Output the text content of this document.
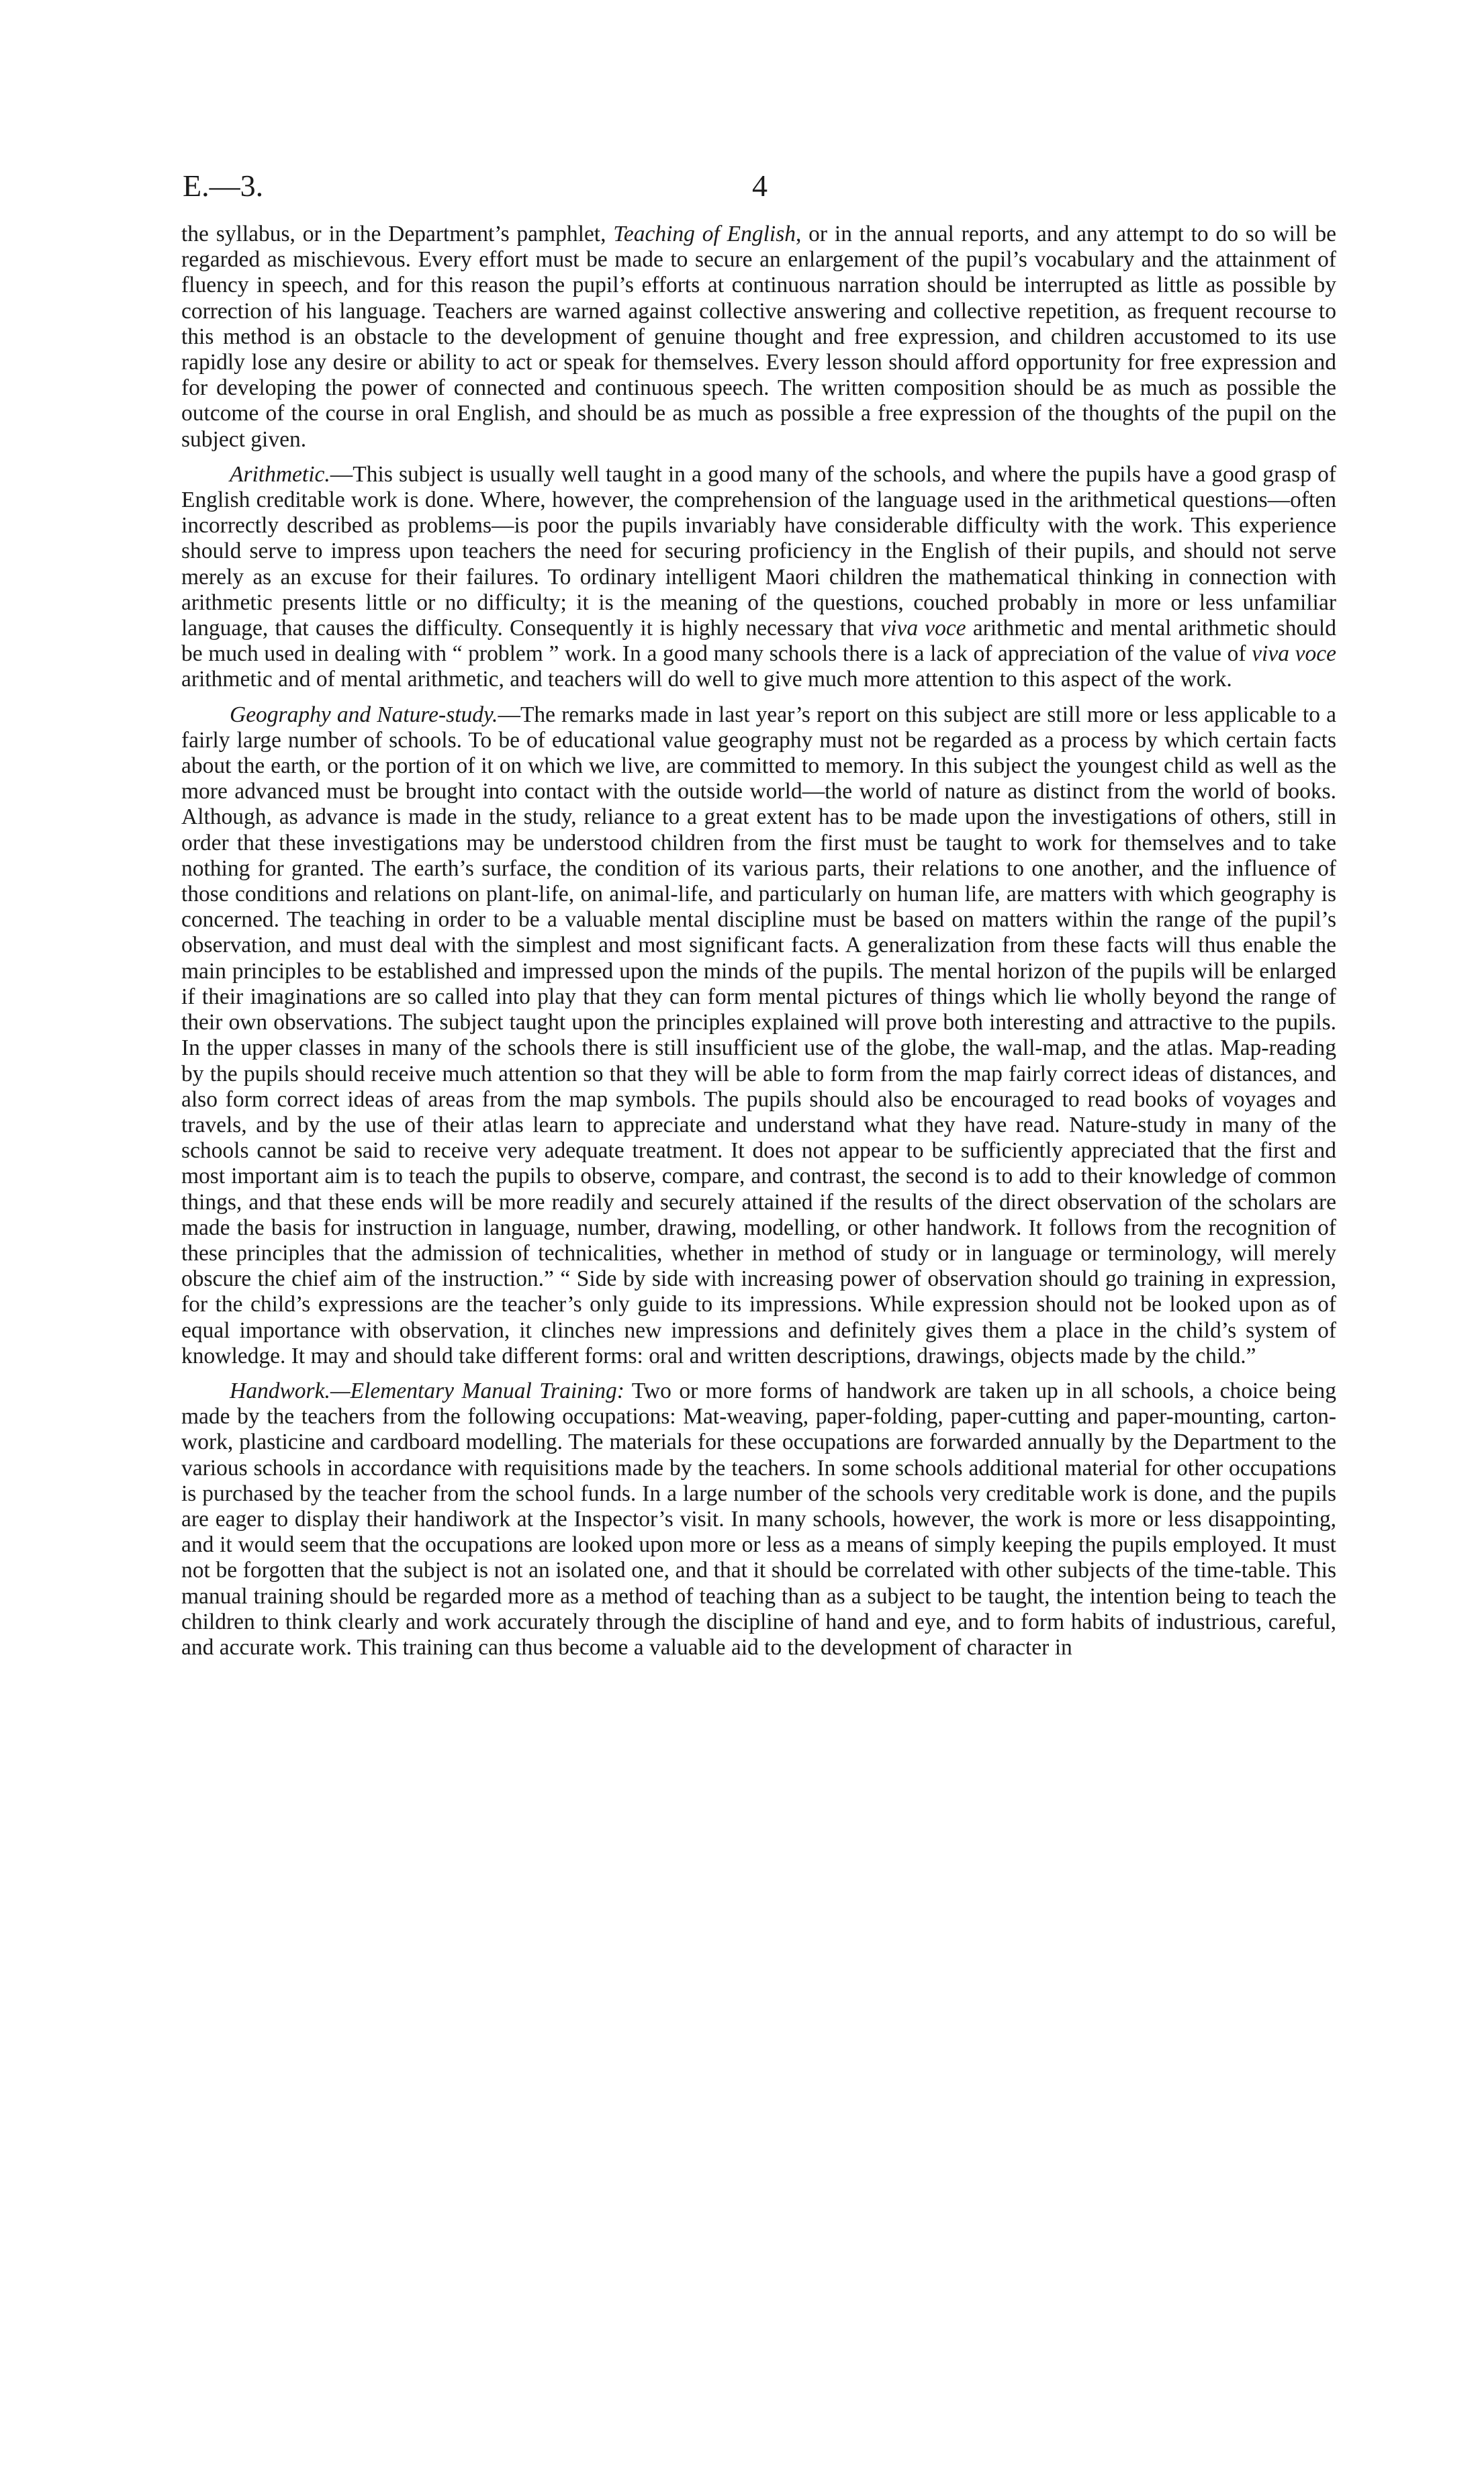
E.—3.	4

the syllabus, or in the Department’s pamphlet, Teaching of English, or in the annual reports, and any attempt to do so will be regarded as mischievous. Every effort must be made to secure an enlargement of the pupil’s vocabulary and the attainment of fluency in speech, and for this reason the pupil’s efforts at continuous narration should be interrupted as little as possible by correction of his language. Teachers are warned against collective answering and collective repetition, as frequent recourse to this method is an obstacle to the development of genuine thought and free expression, and children accustomed to its use rapidly lose any desire or ability to act or speak for themselves. Every lesson should afford opportunity for free expression and for developing the power of connected and continuous speech. The written composition should be as much as possible the outcome of the course in oral English, and should be as much as possible a free expression of the thoughts of the pupil on the subject given.

Arithmetic.—This subject is usually well taught in a good many of the schools, and where the pupils have a good grasp of English creditable work is done. Where, however, the comprehension of the language used in the arithmetical questions—often incorrectly described as problems—is poor the pupils invariably have considerable difficulty with the work. This experience should serve to impress upon teachers the need for securing proficiency in the English of their pupils, and should not serve merely as an excuse for their failures. To ordinary intelligent Maori children the mathematical thinking in connection with arithmetic presents little or no difficulty; it is the meaning of the questions, couched probably in more or less unfamiliar language, that causes the difficulty. Consequently it is highly necessary that viva voce arithmetic and mental arithmetic should be much used in dealing with “ problem ” work. In a good many schools there is a lack of appreciation of the value of viva voce arithmetic and of mental arithmetic, and teachers will do well to give much more attention to this aspect of the work.

Geography and Nature-study.—The remarks made in last year’s report on this subject are still more or less applicable to a fairly large number of schools. To be of educational value geography must not be regarded as a process by which certain facts about the earth, or the portion of it on which we live, are committed to memory. In this subject the youngest child as well as the more advanced must be brought into contact with the outside world—the world of nature as distinct from the world of books. Although, as advance is made in the study, reliance to a great extent has to be made upon the investigations of others, still in order that these investigations may be understood children from the first must be taught to work for themselves and to take nothing for granted. The earth’s surface, the condition of its various parts, their relations to one another, and the influence of those conditions and relations on plant-life, on animal-life, and particularly on human life, are matters with which geography is concerned. The teaching in order to be a valuable mental discipline must be based on matters within the range of the pupil’s observation, and must deal with the simplest and most significant facts. A generalization from these facts will thus enable the main principles to be established and impressed upon the minds of the pupils. The mental horizon of the pupils will be enlarged if their imaginations are so called into play that they can form mental pictures of things which lie wholly beyond the range of their own observations. The subject taught upon the principles explained will prove both interesting and attractive to the pupils. In the upper classes in many of the schools there is still insufficient use of the globe, the wall-map, and the atlas. Map-reading by the pupils should receive much attention so that they will be able to form from the map fairly correct ideas of distances, and also form correct ideas of areas from the map symbols. The pupils should also be encouraged to read books of voyages and travels, and by the use of their atlas learn to appreciate and understand what they have read. Nature-study in many of the schools cannot be said to receive very adequate treatment. It does not appear to be sufficiently appreciated that the first and most important aim is to teach the pupils to observe, compare, and contrast, the second is to add to their knowledge of common things, and that these ends will be more readily and securely attained if the results of the direct observation of the scholars are made the basis for instruction in language, number, drawing, modelling, or other handwork. It follows from the recognition of these principles that the admission of technicalities, whether in method of study or in language or terminology, will merely obscure the chief aim of the instruction.” “ Side by side with increasing power of observation should go training in expression, for the child’s expressions are the teacher’s only guide to its impressions. While expression should not be looked upon as of equal importance with observation, it clinches new impressions and definitely gives them a place in the child’s system of knowledge. It may and should take different forms: oral and written descriptions, drawings, objects made by the child.”

Handwork.—Elementary Manual Training: Two or more forms of handwork are taken up in all schools, a choice being made by the teachers from the following occupations: Mat-weaving, paper-folding, paper-cutting and paper-mounting, carton-work, plasticine and cardboard modelling. The materials for these occupations are forwarded annually by the Department to the various schools in accordance with requisitions made by the teachers. In some schools additional material for other occupations is purchased by the teacher from the school funds. In a large number of the schools very creditable work is done, and the pupils are eager to display their handiwork at the Inspector’s visit. In many schools, however, the work is more or less disappointing, and it would seem that the occupations are looked upon more or less as a means of simply keeping the pupils employed. It must not be forgotten that the subject is not an isolated one, and that it should be correlated with other subjects of the time-table. This manual training should be regarded more as a method of teaching than as a subject to be taught, the intention being to teach the children to think clearly and work accurately through the discipline of hand and eye, and to form habits of industrious, careful, and accurate work. This training can thus become a valuable aid to the development of character in
